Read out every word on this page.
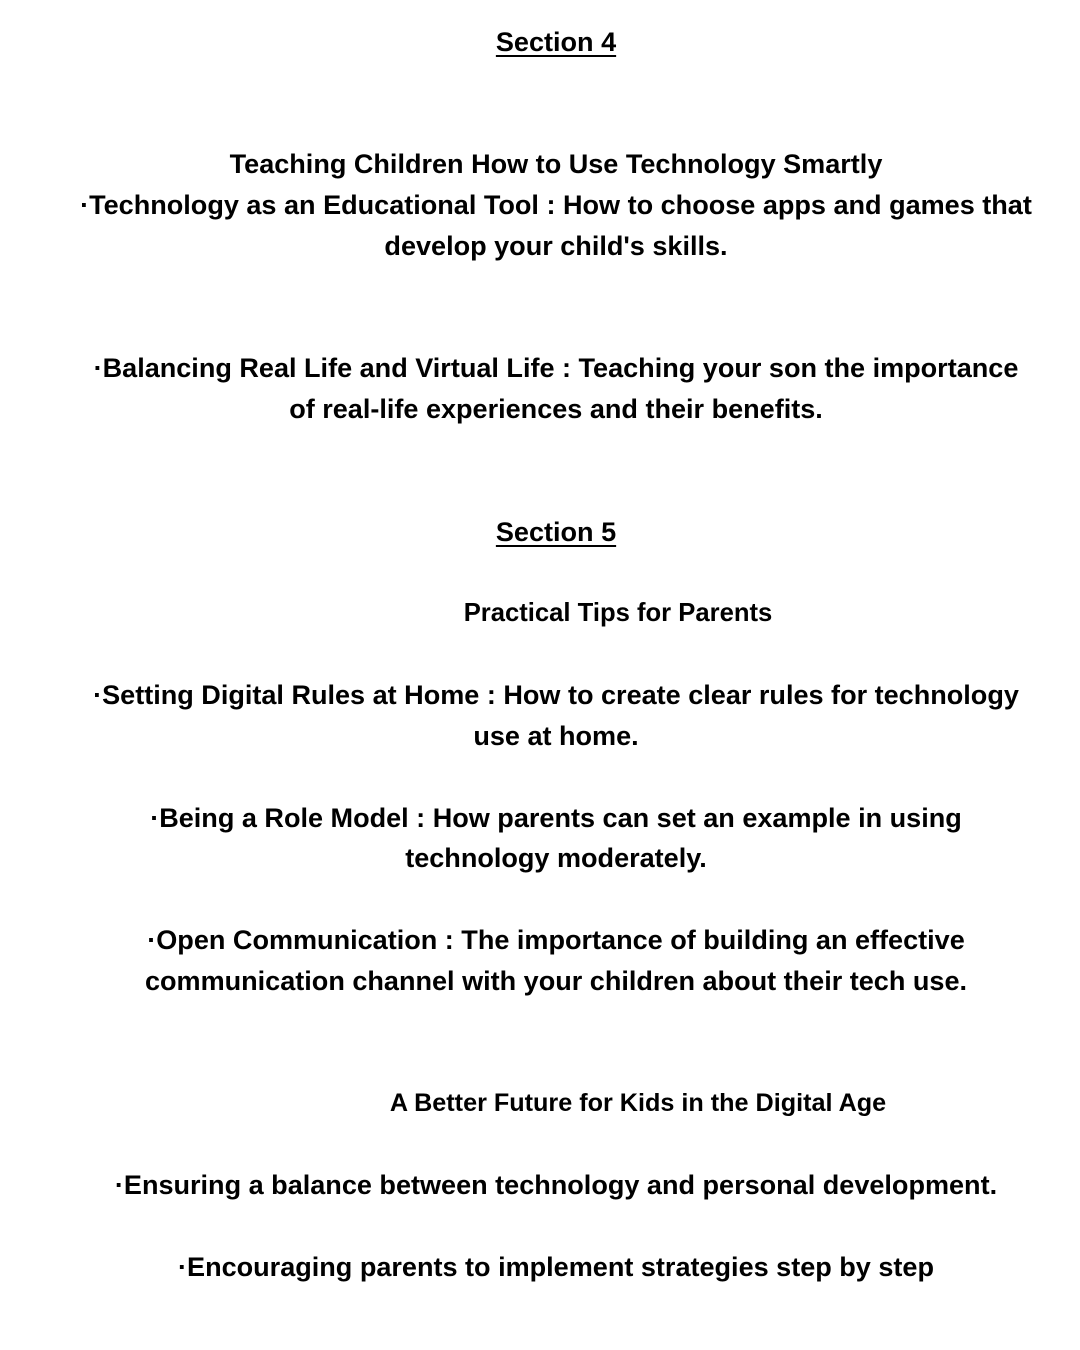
Section 4
Teaching Children How to Use Technology Smartly
·Technology as an Educational Tool : How to choose apps and games that
develop your child's skills.
·Balancing Real Life and Virtual Life : Teaching your son the importance
of real-life experiences and their benefits.
Section 5
Practical Tips for Parents
·Setting Digital Rules at Home : How to create clear rules for technology
use at home.
·Being a Role Model : How parents can set an example in using
technology moderately.
·Open Communication : The importance of building an effective
communication channel with your children about their tech use.
A Better Future for Kids in the Digital Age
·Ensuring a balance between technology and personal development.
·Encouraging parents to implement strategies step by step
